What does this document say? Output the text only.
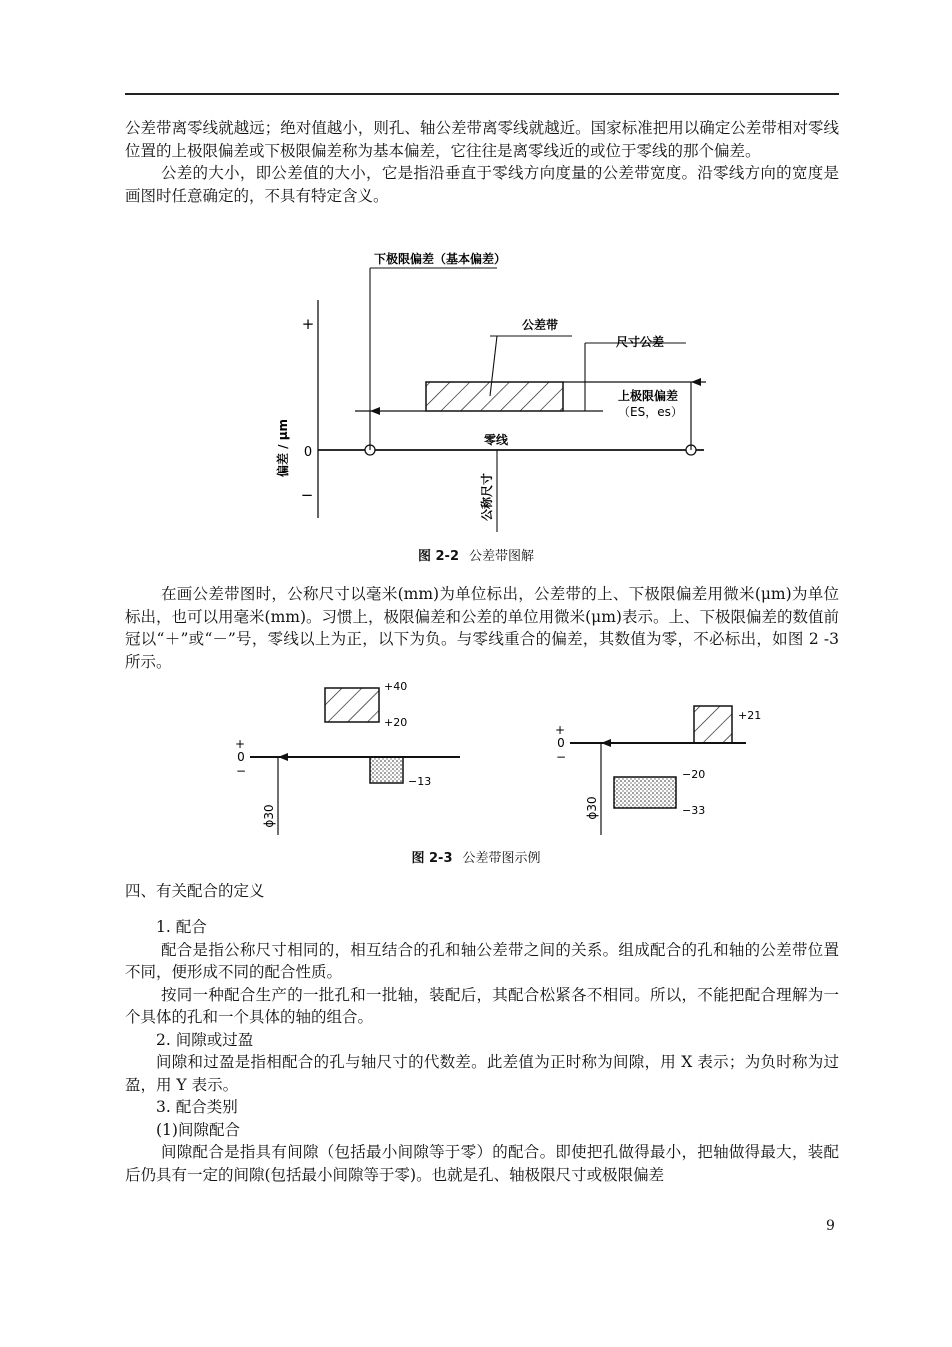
公差带离零线就越远；绝对值越小，则孔、轴公差带离零线就越近。国家标准把用以确定公差带相对零线位置的上极限偏差或下极限偏差称为基本偏差，它往往是离零线近的或位于零线的那个偏差。

公差的大小，即公差值的大小，它是指沿垂直于零线方向度量的公差带宽度。沿零线方向的宽度是画图时任意确定的，不具有特定含义。

+
0
−
偏差 / μm	零线
下极限偏差（基本偏差）
公差带
尺寸公差
上极限偏差
（ES，es）
公称尺寸
+
0
−
+40
+20
−13
ϕ30
+
0
−
+21
−20
−33
ϕ30
图 2-2 公差带图解

在画公差带图时，公称尺寸以毫米(mm)为单位标出，公差带的上、下极限偏差用微米(μm)为单位标出，也可以用毫米(mm)。习惯上，极限偏差和公差的单位用微米(μm)表示。上、下极限偏差的数值前冠以“＋”或“－”号，零线以上为正，以下为负。与零线重合的偏差，其数值为零，不必标出，如图 2 -3 所示。

图 2-3 公差带图示例
四、有关配合的定义

1. 配合

配合是指公称尺寸相同的，相互结合的孔和轴公差带之间的关系。组成配合的孔和轴的公差带位置不同，便形成不同的配合性质。

按同一种配合生产的一批孔和一批轴，装配后，其配合松紧各不相同。所以，不能把配合理解为一个具体的孔和一个具体的轴的组合。

2. 间隙或过盈

间隙和过盈是指相配合的孔与轴尺寸的代数差。此差值为正时称为间隙，用 X 表示；为负时称为过盈，用 Y 表示。

3. 配合类别

(1)间隙配合

间隙配合是指具有间隙（包括最小间隙等于零）的配合。即使把孔做得最小，把轴做得最大，装配后仍具有一定的间隙(包括最小间隙等于零)。也就是孔、轴极限尺寸或极限偏差

9
